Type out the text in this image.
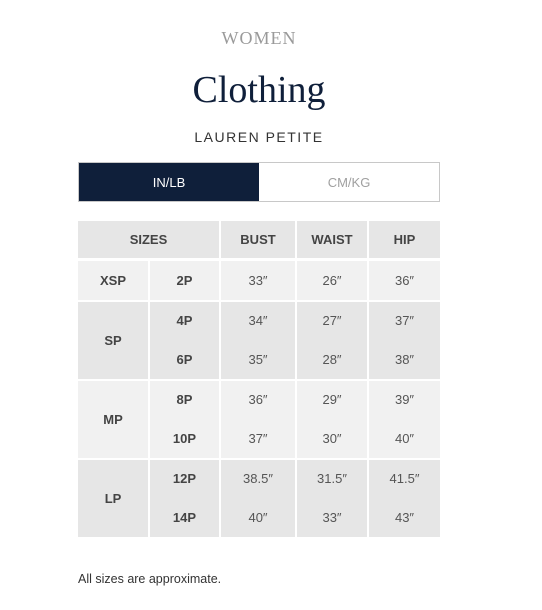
WOMEN
Clothing
LAUREN PETITE
IN/LB	CM/KG
SIZES	BUST	WAIST	HIP
XSP	2P	33″	26″	36″
SP
4P	34″	27″	37″
6P	35″	28″	38″
MP
8P	36″	29″	39″
10P	37″	30″	40″
LP
12P	38.5″	31.5″	41.5″
14P	40″	33″	43″
All sizes are approximate.
